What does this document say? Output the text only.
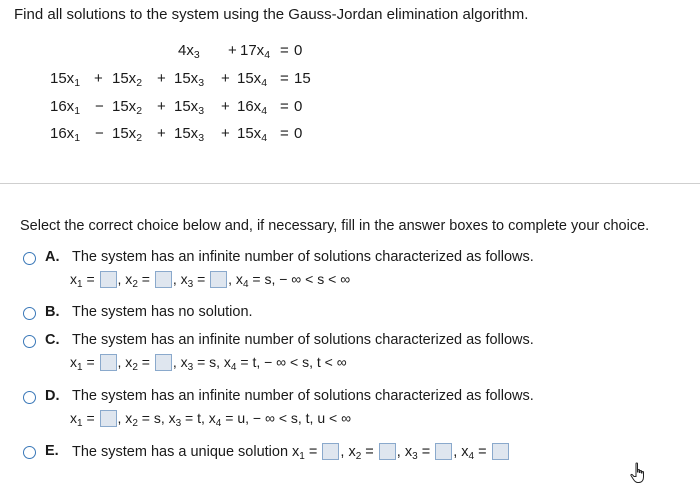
Find all solutions to the system using the Gauss-Jordan elimination algorithm.
$4x_3 + 17x_4 = 0$
$15x_1 + 15x_2 + 15x_3 + 15x_4 = 15$
$16x_1 - 15x_2 + 15x_3 + 16x_4 = 0$
$16x_1 - 15x_2 + 15x_3 + 15x_4 = 0$
Select the correct choice below and, if necessary, fill in the answer boxes to complete your choice.
A. The system has an infinite number of solutions characterized as follows.
$x_1$ = , $x_2$ = , $x_3$ = , $x_4 = s$, − ∞ < s < ∞
B. The system has no solution.
C. The system has an infinite number of solutions characterized as follows.
$x_1$ = , $x_2$ = , $x_3 = s$, $x_4 = t$, − ∞ < s, t < ∞
D. The system has an infinite number of solutions characterized as follows.
$x_1$ = , $x_2 = s$, $x_3 = t$, $x_4 = u$, − ∞ < s, t, u < ∞
E. The system has a unique solution $x_1$ = , $x_2$ = , $x_3$ = , $x_4$ =
